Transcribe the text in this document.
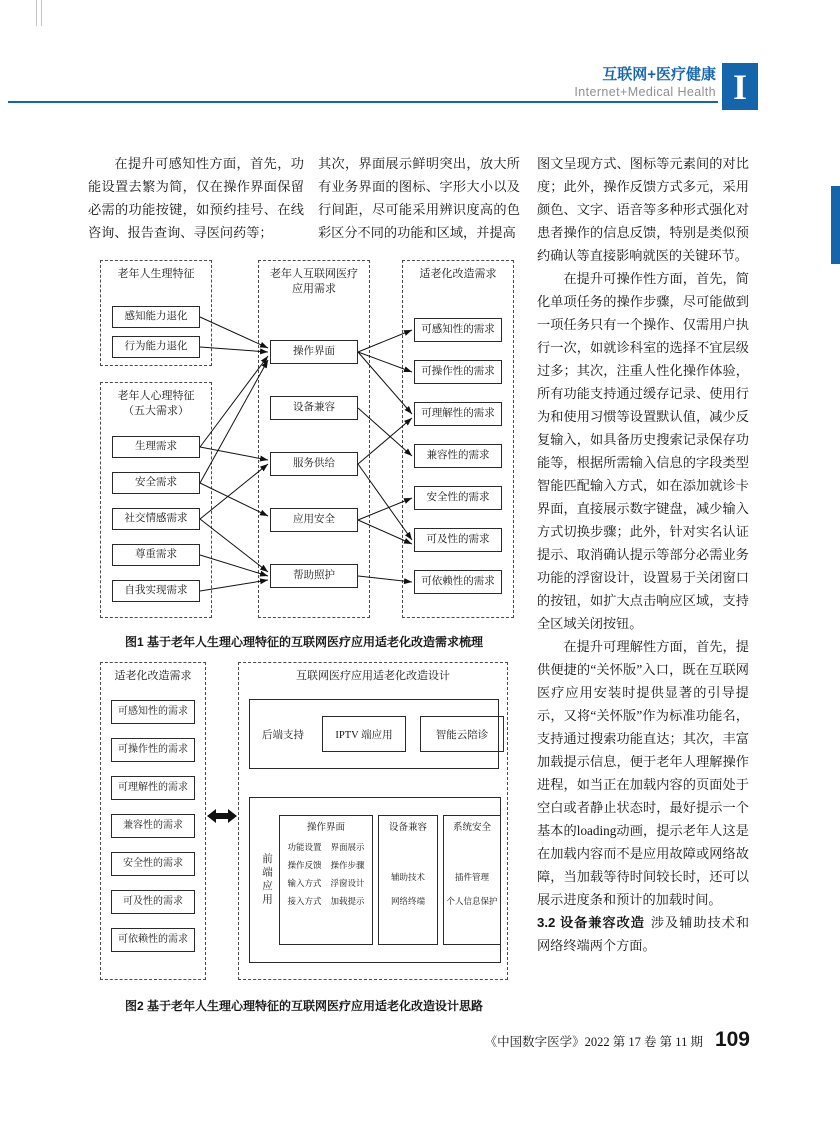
互联网+医疗健康
Internet+Medical Health I
在提升可感知性方面，首先，功能设置去繁为简，仅在操作界面保留必需的功能按键，如预约挂号、在线咨询、报告查询、寻医问药等；
其次，界面展示鲜明突出，放大所有业务界面的图标、字形大小以及行间距，尽可能采用辨识度高的色彩区分不同的功能和区域，并提高

图文呈现方式、图标等元素间的对比度；此外，操作反馈方式多元，采用颜色、文字、语音等多种形式强化对患者操作的信息反馈，特别是类似预约确认等直接影响就医的关键环节。

在提升可操作性方面，首先，简化单项任务的操作步骤，尽可能做到一项任务只有一个操作、仅需用户执行一次，如就诊科室的选择不宜层级过多；其次，注重人性化操作体验，所有功能支持通过缓存记录、使用行为和使用习惯等设置默认值，减少反复输入，如具备历史搜索记录保存功能等，根据所需输入信息的字段类型智能匹配输入方式，如在添加就诊卡界面，直接展示数字键盘，减少输入方式切换步骤；此外，针对实名认证提示、取消确认提示等部分必需业务功能的浮窗设计，设置易于关闭窗口的按钮，如扩大点击响应区域，支持全区域关闭按钮。

在提升可理解性方面，首先，提供便捷的“关怀版”入口，既在互联网医疗应用安装时提供显著的引导提示，又将“关怀版”作为标准功能名，支持通过搜索功能直达；其次，丰富加载提示信息，便于老年人理解操作进程，如当正在加载内容的页面处于空白或者静止状态时，最好提示一个基本的loading动画，提示老年人这是在加载内容而不是应用故障或网络故障，当加载等待时间较长时，还可以展示进度条和预计的加载时间。

3.2 设备兼容改造 涉及辅助技术和网络终端两个方面。

老年人生理特征
老年人心理特征
（五大需求）
老年人互联网医疗
应用需求
适老化改造需求
感知能力退化
行为能力退化
生理需求
安全需求
社交情感需求
尊重需求
自我实现需求
操作界面
设备兼容
服务供给
应用安全
帮助照护
可感知性的需求
可操作性的需求
可理解性的需求
兼容性的需求
安全性的需求
可及性的需求
可依赖性的需求
图1 基于老年人生理心理特征的互联网医疗应用适老化改造需求梳理
适老化改造需求
可感知性的需求
可操作性的需求
可理解性的需求
兼容性的需求
安全性的需求
可及性的需求
可依赖性的需求
互联网医疗应用适老化改造设计
后端支持	IPTV 端应用	智能云陪诊
前端应用
操作界面
功能设置 界面展示
操作反馈 操作步骤
输入方式 浮窗设计
接入方式 加载提示
设备兼容
辅助技术
网络终端
系统安全
插件管理
个人信息保护
图2 基于老年人生理心理特征的互联网医疗应用适老化改造设计思路
《中国数字医学》2022 第 17 卷 第 11 期 109
